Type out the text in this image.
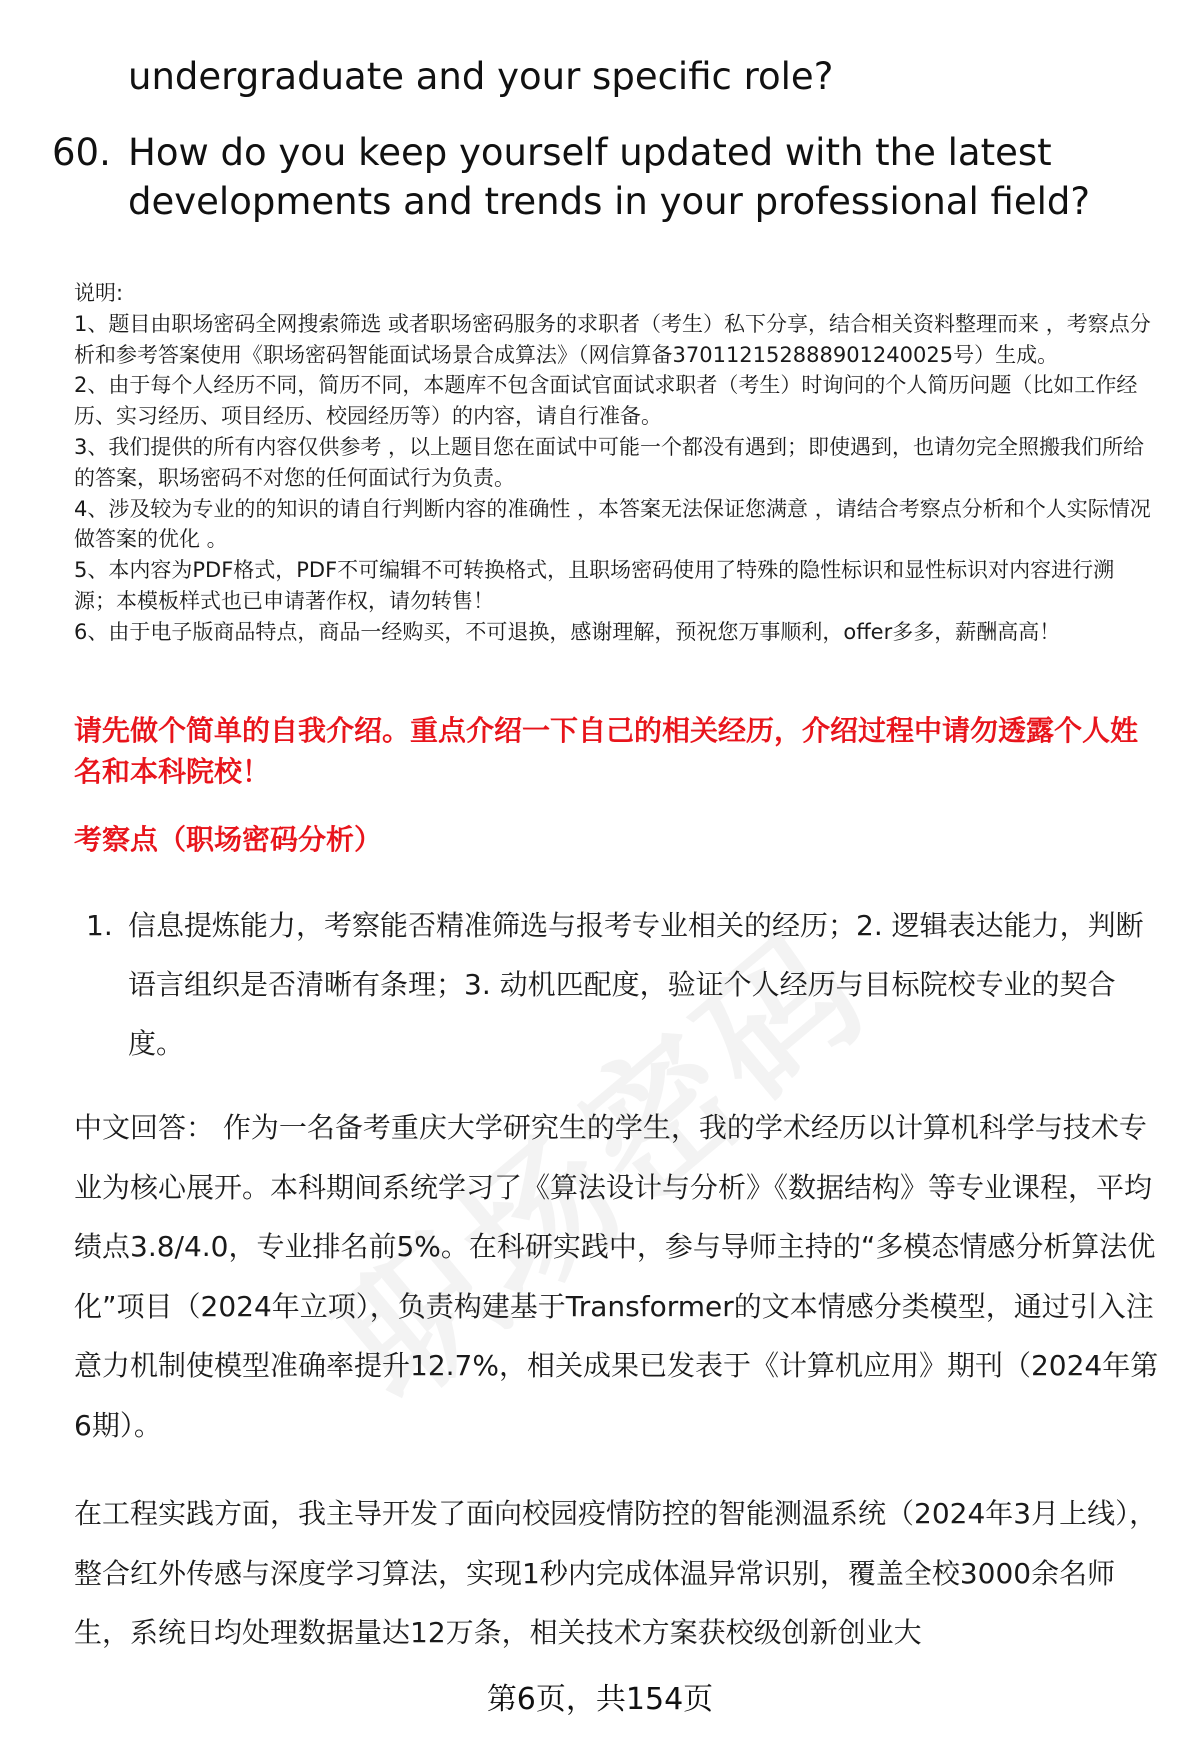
undergraduate and your specific role?
60. How do you keep yourself updated with the latest
developments and trends in your professional field?

说明:

1、题目由职场密码全网搜索筛选 或者职场密码服务的求职者（考生）私下分享，结合相关资料整理而来 ，考察点分析和参考答案使用《职场密码智能面试场景合成算法》（网信算备370112152888901240025号）生成。

2、由于每个人经历不同，简历不同，本题库不包含面试官面试求职者（考生）时询问的个人简历问题（比如工作经历、实习经历、项目经历、校园经历等）的内容，请自行准备。

3、我们提供的所有内容仅供参考 ，以上题目您在面试中可能一个都没有遇到；即使遇到，也请勿完全照搬我们所给的答案，职场密码不对您的任何面试行为负责。

4、涉及较为专业的的知识的请自行判断内容的准确性 ，本答案无法保证您满意 ，请结合考察点分析和个人实际情况做答案的优化 。

5、本内容为PDF格式，PDF不可编辑不可转换格式，且职场密码使用了特殊的隐性标识和显性标识对内容进行溯源；本模板样式也已申请著作权，请勿转售！

6、由于电子版商品特点，商品一经购买，不可退换，感谢理解，预祝您万事顺利，offer多多，薪酬高高！

请先做个简单的自我介绍。重点介绍一下自己的相关经历，介绍过程中请勿透露个人姓名和本科院校！
考察点（职场密码分析）
1. 信息提炼能力，考察能否精准筛选与报考专业相关的经历；2. 逻辑表达能力，判断语言组织是否清晰有条理；3. 动机匹配度，验证个人经历与目标院校专业的契合度。
中文回答： 作为一名备考重庆大学研究生的学生，我的学术经历以计算机科学与技术专业为核心展开。本科期间系统学习了《算法设计与分析》《数据结构》等专业课程，平均绩点3.8/4.0，专业排名前5%。在科研实践中，参与导师主持的“多模态情感分析算法优化”项目（2024年立项），负责构建基于Transformer的文本情感分类模型，通过引入注意力机制使模型准确率提升12.7%，相关成果已发表于《计算机应用》期刊（2024年第6期）。
在工程实践方面，我主导开发了面向校园疫情防控的智能测温系统（2024年3月上线），整合红外传感与深度学习算法，实现1秒内完成体温异常识别，覆盖全校3000余名师生，系统日均处理数据量达12万条，相关技术方案获校级创新创业大
第6页，共154页
